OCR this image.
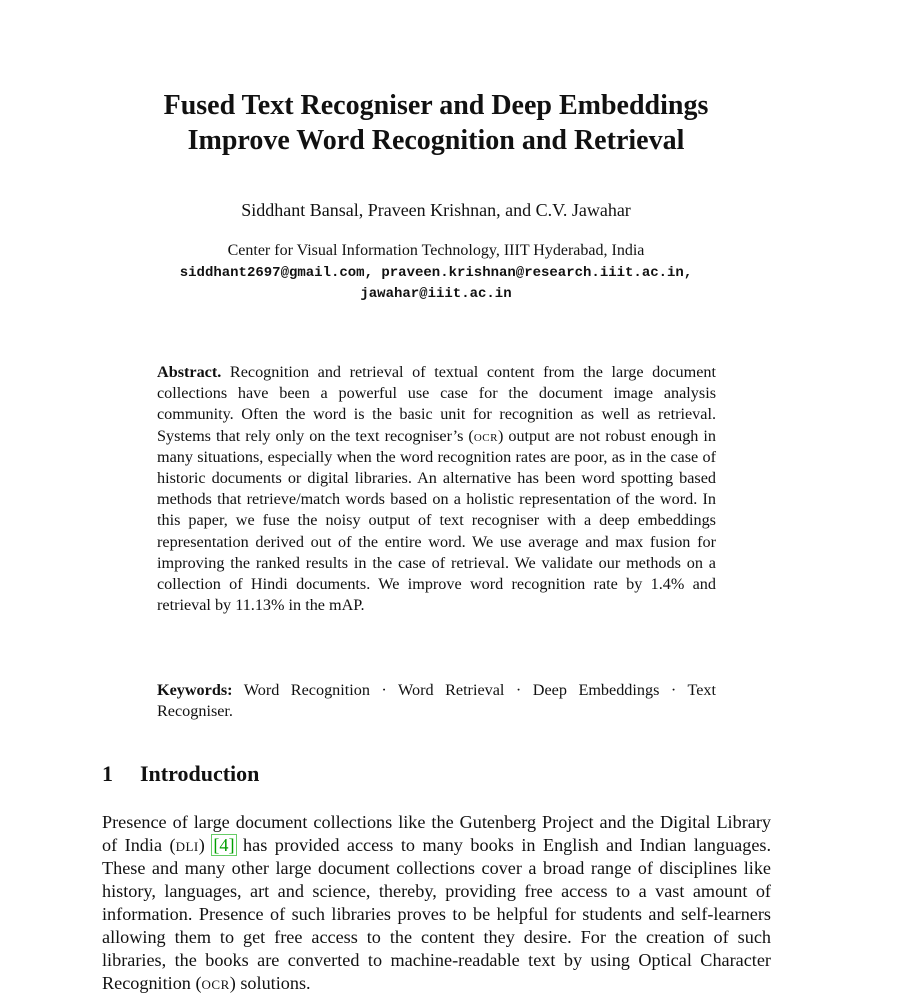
Fused Text Recogniser and Deep Embeddings
Improve Word Recognition and Retrieval
Siddhant Bansal, Praveen Krishnan, and C.V. Jawahar
Center for Visual Information Technology, IIIT Hyderabad, India
siddhant2697@gmail.com, praveen.krishnan@research.iiit.ac.in,
jawahar@iiit.ac.in

Abstract. Recognition and retrieval of textual content from the large document collections have been a powerful use case for the document image analysis community. Often the word is the basic unit for recognition as well as retrieval. Systems that rely only on the text recogniser’s (ocr) output are not robust enough in many situations, especially when the word recognition rates are poor, as in the case of historic documents or digital libraries. An alternative has been word spotting based methods that retrieve/match words based on a holistic representation of the word. In this paper, we fuse the noisy output of text recogniser with a deep embeddings representation derived out of the entire word. We use average and max fusion for improving the ranked results in the case of retrieval. We validate our methods on a collection of Hindi documents. We improve word recognition rate by 1.4% and retrieval by 11.13% in the mAP.

Keywords: Word Recognition · Word Retrieval · Deep Embeddings · Text Recogniser.

1 Introduction

Presence of large document collections like the Gutenberg Project and the Digital Library of India (dli) [4] has provided access to many books in English and Indian languages. These and many other large document collections cover a broad range of disciplines like history, languages, art and science, thereby, providing free access to a vast amount of information. Presence of such libraries proves to be helpful for students and self-learners allowing them to get free access to the content they desire. For the creation of such libraries, the books are converted to machine-readable text by using Optical Character Recognition (ocr) solutions.
